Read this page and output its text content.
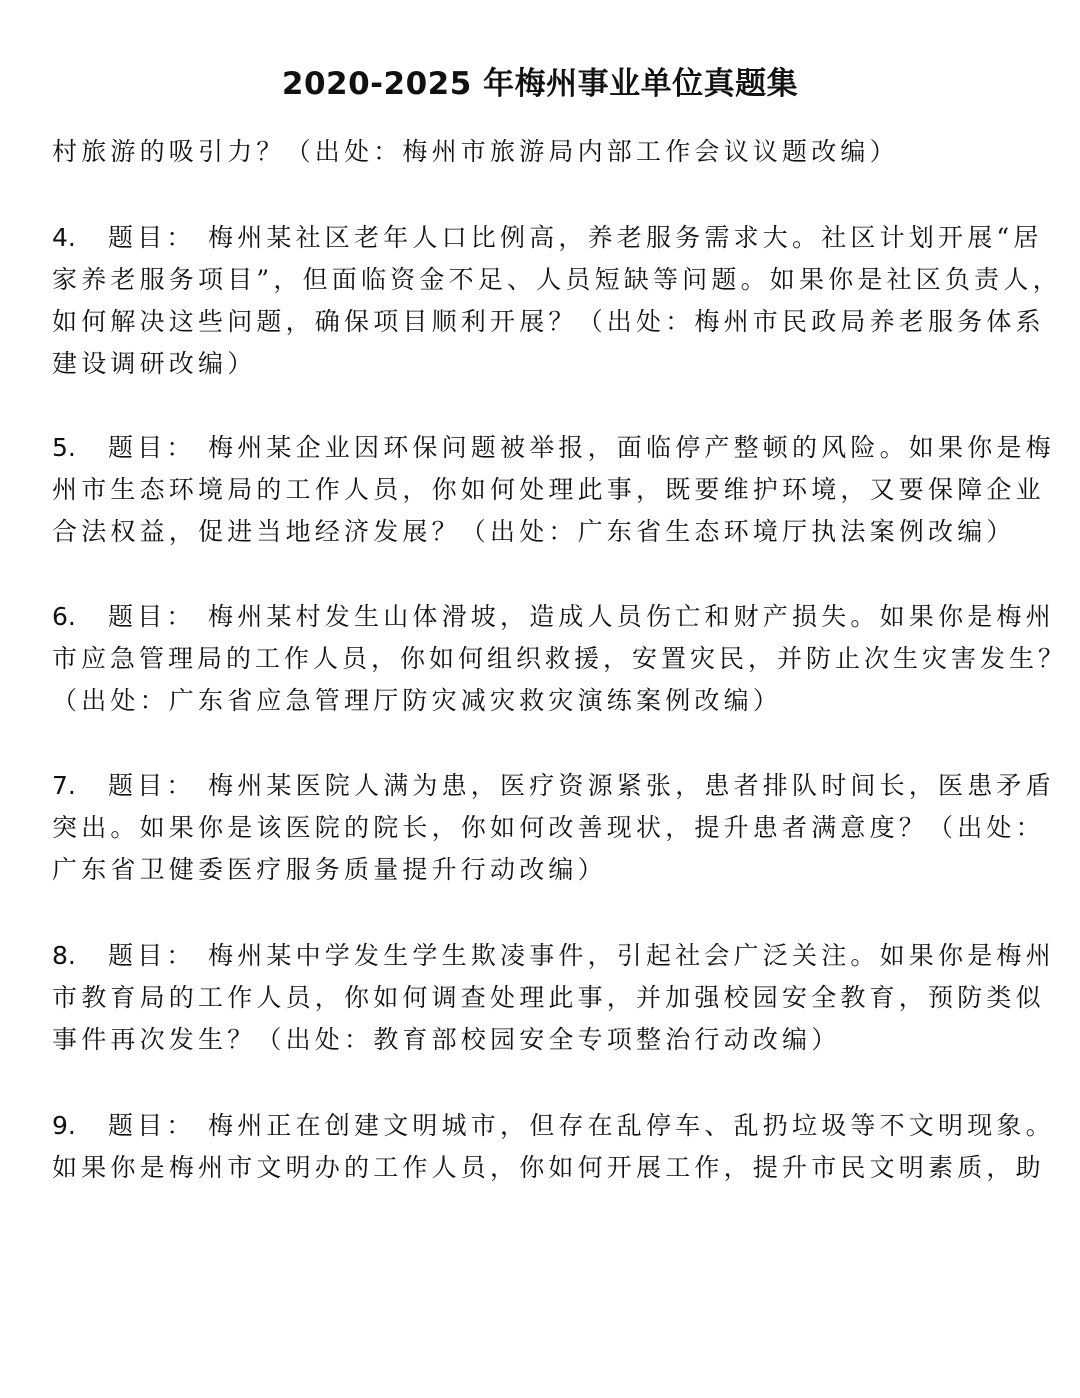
2020-2025 年梅州事业单位真题集
村旅游的吸引力？（出处：梅州市旅游局内部工作会议议题改编）
4. 题目： 梅州某社区老年人口比例高，养老服务需求大。社区计划开展“居
家养老服务项目”，但面临资金不足、人员短缺等问题。如果你是社区负责人，
如何解决这些问题，确保项目顺利开展？（出处：梅州市民政局养老服务体系
建设调研改编）
5. 题目： 梅州某企业因环保问题被举报，面临停产整顿的风险。如果你是梅
州市生态环境局的工作人员，你如何处理此事，既要维护环境，又要保障企业
合法权益，促进当地经济发展？（出处：广东省生态环境厅执法案例改编）
6. 题目： 梅州某村发生山体滑坡，造成人员伤亡和财产损失。如果你是梅州
市应急管理局的工作人员，你如何组织救援，安置灾民，并防止次生灾害发生？
（出处：广东省应急管理厅防灾减灾救灾演练案例改编）
7. 题目： 梅州某医院人满为患，医疗资源紧张，患者排队时间长，医患矛盾
突出。如果你是该医院的院长，你如何改善现状，提升患者满意度？（出处：
广东省卫健委医疗服务质量提升行动改编）
8. 题目： 梅州某中学发生学生欺凌事件，引起社会广泛关注。如果你是梅州
市教育局的工作人员，你如何调查处理此事，并加强校园安全教育，预防类似
事件再次发生？（出处：教育部校园安全专项整治行动改编）
9. 题目： 梅州正在创建文明城市，但存在乱停车、乱扔垃圾等不文明现象。
如果你是梅州市文明办的工作人员，你如何开展工作，提升市民文明素质，助
